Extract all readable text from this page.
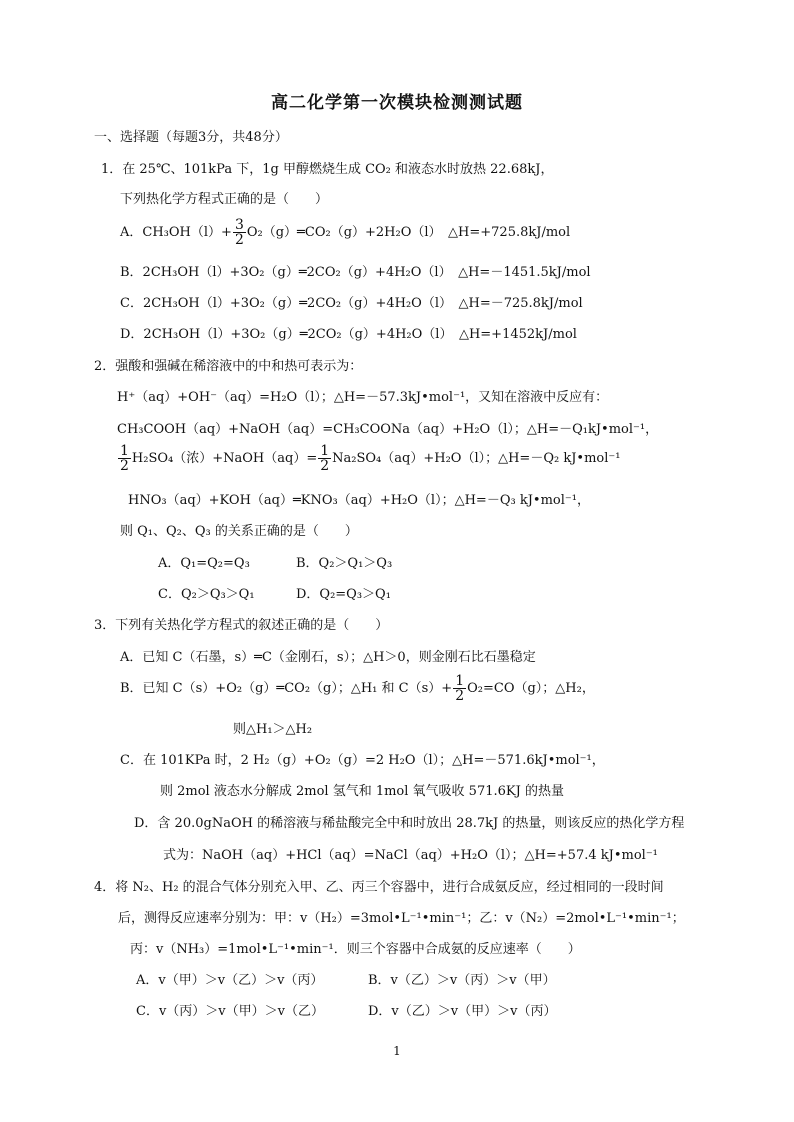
高二化学第一次模块检测测试题
一、选择题（每题3分，共48分）
1．在 25℃、101kPa 下，1g 甲醇燃烧生成 CO₂ 和液态水时放热 22.68kJ，
下列热化学方程式正确的是（　　）
A．$CH_3OH(l)+ \frac{3}{2}$ O₂（g）═CO₂（g）+2H₂O（l）　△H=+725.8kJ/mol
B．2CH₃OH（l）+3O₂（g）═2CO₂（g）+4H₂O（l）　△H=－1451.5kJ/mol
C．2CH₃OH（l）+3O₂（g）═2CO₂（g）+4H₂O（l）　△H=－725.8kJ/mol
D．2CH₃OH（l）+3O₂（g）═2CO₂（g）+4H₂O（l）　△H=+1452kJ/mol
2．强酸和强碱在稀溶液中的中和热可表示为：
H⁺（aq）+OH⁻（aq）=H₂O（l）；△H=－57.3kJ•mol⁻¹，又知在溶液中反应有：
CH₃COOH（aq）+NaOH（aq）=CH₃COONa（aq）+H₂O（l）；△H=－Q₁kJ•mol⁻¹，
$\frac{1}{2} H_2SO_4$（浓）+NaOH（aq）= $\frac{1}{2} Na_2SO_4(aq)+H_2O(l)$；△H=－Q₂ kJ•mol⁻¹
HNO₃（aq）+KOH（aq）═KNO₃（aq）+H₂O（l）；△H=－Q₃ kJ•mol⁻¹，
则 Q₁、Q₂、Q₃ 的关系正确的是（　　）
A．Q₁=Q₂=Q₃	B．Q₂＞Q₁＞Q₃
C．Q₂＞Q₃＞Q₁	D．Q₂=Q₃＞Q₁
3．下列有关热化学方程式的叙述正确的是（　　）
A．已知 C（石墨，s）═C（金刚石，s）；△H＞0，则金刚石比石墨稳定
B．已知 C（s）+O₂（g）═CO₂（g）；△H₁ 和 $C(s)+ \frac{1}{2} O_2=CO(g)$；△H₂，
则△H₁＞△H₂
C．在 101KPa 时，2 H₂（g）+O₂（g）=2 H₂O（l）；△H=－571.6kJ•mol⁻¹，
则 2mol 液态水分解成 2mol 氢气和 1mol 氧气吸收 571.6KJ 的热量
D．含 20.0gNaOH 的稀溶液与稀盐酸完全中和时放出 28.7kJ 的热量，则该反应的热化学方程
式为：NaOH（aq）+HCl（aq）=NaCl（aq）+H₂O（l）；△H=+57.4 kJ•mol⁻¹
4．将 N₂、H₂ 的混合气体分别充入甲、乙、丙三个容器中，进行合成氨反应，经过相同的一段时间
后，测得反应速率分别为：甲：v（H₂）=3mol•L⁻¹•min⁻¹；乙：v（N₂）=2mol•L⁻¹•min⁻¹；
丙：v（NH₃）=1mol•L⁻¹•min⁻¹．则三个容器中合成氨的反应速率（　　）
A．v（甲）＞v（乙）＞v（丙）	B．v（乙）＞v（丙）＞v（甲）
C．v（丙）＞v（甲）＞v（乙）	D．v（乙）＞v（甲）＞v（丙）
1
